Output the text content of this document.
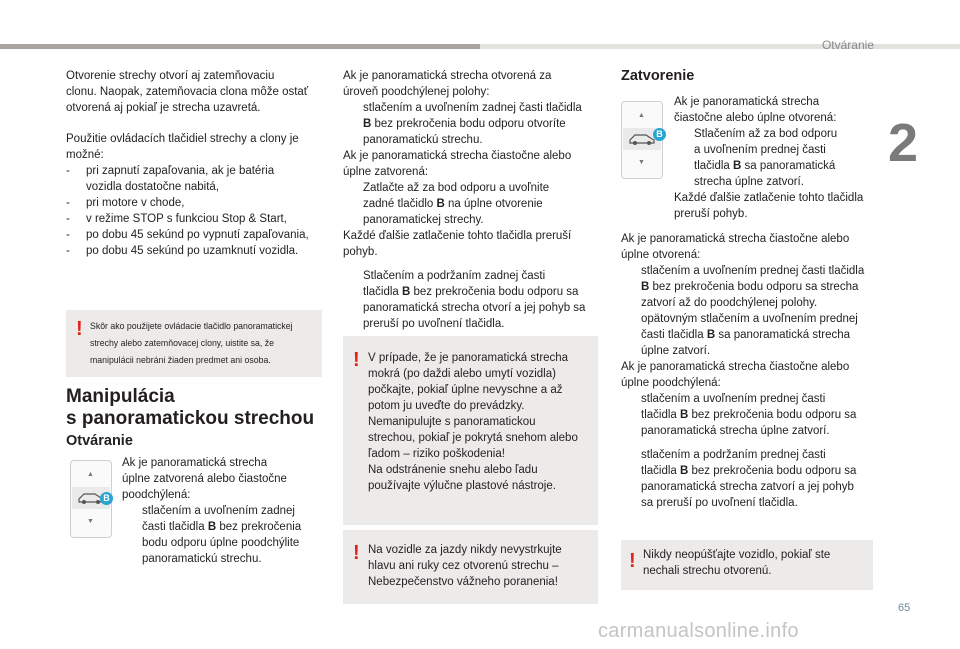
Otváranie
2
65
carmanualsonline.info

Otvorenie strechy otvorí aj zatemňovaciu

clonu. Naopak, zatemňovacia clona môže ostať

otvorená aj pokiaľ je strecha uzavretá.

Použitie ovládacích tlačidiel strechy a clony je

možné:

- pri zapnutí zapaľovania, ak je batéria

vozidla dostatočne nabitá,

- pri motore v chode,

- v režime STOP s funkciou Stop & Start,

- po dobu 45 sekúnd po vypnutí zapaľovania,

- po dobu 45 sekúnd po uzamknutí vozidla.

! Skôr ako použijete ovládacie tlačidlo panoramatickej
strechy alebo zatemňovacej clony, uistite sa, že
manipulácii nebráni žiaden predmet ani osoba.
Manipulácia
s panoramatickou strechou
Otváranie
▲
▼
B

Ak je panoramatická strecha

úplne zatvorená alebo čiastočne

poodchýlená:

stlačením a uvoľnením zadnej

časti tlačidla B bez prekročenia

bodu odporu úplne poodchýlite

panoramatickú strechu.

Ak je panoramatická strecha otvorená za

úroveň poodchýlenej polohy:

stlačením a uvoľnením zadnej časti tlačidla

B bez prekročenia bodu odporu otvoríte

panoramatickú strechu.

Ak je panoramatická strecha čiastočne alebo

úplne zatvorená:

Zatlačte až za bod odporu a uvoľnite

zadné tlačidlo B na úplne otvorenie

panoramatickej strechy.

Každé ďalšie zatlačenie tohto tlačidla preruší

pohyb.

Stlačením a podržaním zadnej časti

tlačidla B bez prekročenia bodu odporu sa

panoramatická strecha otvorí a jej pohyb sa

preruší po uvoľnení tlačidla.

! V prípade, že je panoramatická strecha

mokrá (po daždi alebo umytí vozidla)

počkajte, pokiaľ úplne nevyschne a až

potom ju uveďte do prevádzky.

Nemanipulujte s panoramatickou

strechou, pokiaľ je pokrytá snehom alebo

ľadom – riziko poškodenia!

Na odstránenie snehu alebo ľadu

používajte výlučne plastové nástroje.

! Na vozidle za jazdy nikdy nevystrkujte

hlavu ani ruky cez otvorenú strechu –

Nebezpečenstvo vážneho poranenia!

Zatvorenie
▲
▼
B

Ak je panoramatická strecha

čiastočne alebo úplne otvorená:

Stlačením až za bod odporu

a uvoľnením prednej časti

tlačidla B sa panoramatická

strecha úplne zatvorí.

Každé ďalšie zatlačenie tohto tlačidla

preruší pohyb.

Ak je panoramatická strecha čiastočne alebo

úplne otvorená:

stlačením a uvoľnením prednej časti tlačidla

B bez prekročenia bodu odporu sa strecha

zatvorí až do poodchýlenej polohy.

opätovným stlačením a uvoľnením prednej

časti tlačidla B sa panoramatická strecha

úplne zatvorí.

Ak je panoramatická strecha čiastočne alebo

úplne poodchýlená:

stlačením a uvoľnením prednej časti

tlačidla B bez prekročenia bodu odporu sa

panoramatická strecha úplne zatvorí.

stlačením a podržaním prednej časti

tlačidla B bez prekročenia bodu odporu sa

panoramatická strecha zatvorí a jej pohyb

sa preruší po uvoľnení tlačidla.

! Nikdy neopúšťajte vozidlo, pokiaľ ste

nechali strechu otvorenú.
